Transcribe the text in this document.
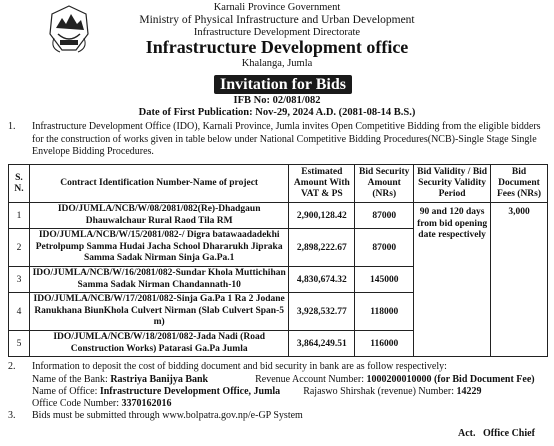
Karnali Province Government
Ministry of Physical Infrastructure and Urban Development
Infrastructure Development Directorate
Infrastructure Development office
Khalanga, Jumla
Invitation for Bids
IFB No: 02/081/082
Date of First Publication: Nov-29, 2024 A.D. (2081-08-14 B.S.)
1. Infrastructure Development Office (IDO), Karnali Province, Jumla invites Open Competitive Bidding from the eligible bidders for the construction of works given in table below under National Competitive Bidding Procedures(NCB)-Single Stage Single Envelope Bidding Procedures.
S. N.	Contract Identification Number-Name of project	Estimated Amount With VAT & PS	Bid Security Amount (NRs)	Bid Validity / Bid Security Validity Period	Bid Document Fees (NRs)
1	IDO/JUMLA/NCB/W/08/2081/082(Re)-Dhadgaun Dhauwalchaur Rural Raod Tila RM	2,900,128.42	87000	90 and 120 days from bid opening date respectively	3,000
2	IDO/JUMLA/NCB/W/15/2081/082-/ Digra batawaadadekhi Petrolpump Samma Hudai Jacha School Dhararukh Jipraka Samma Sadak Nirman Sinja Ga.Pa.1	2,898,222.67	87000		
3	IDO/JUMLA/NCB/W/16/2081/082-Sundar Khola Muttichihan Samma Sadak Nirman Chandannath-10	4,830,674.32	145000		
4	IDO/JUMLA/NCB/W/17/2081/082-Sinja Ga.Pa 1 Ra 2 Jodane Ranukhana BiunKhola Culvert Nirman (Slab Culvert Span-5 m)	3,928,532.77	118000		
5	IDO/JUMLA/NCB/W/18/2081/082-Jada Nadi (Road Construction Works) Patarasi Ga.Pa Jumla	3,864,249.51	116000		
2. Information to deposit the cost of bidding document and bid security in bank are as follow respectively:
Name of the Bank: Rastriya Banijya Bank	Revenue Account Number: 1000200010000 (for Bid Document Fee)
Name of Office: Infrastructure Development Office, Jumla Rajaswo Shirshak (revenue) Number: 14229
Office Code Number: 3370162016
3. Bids must be submitted through www.bolpatra.gov.np/e-GP System
Act.   Office Chief
